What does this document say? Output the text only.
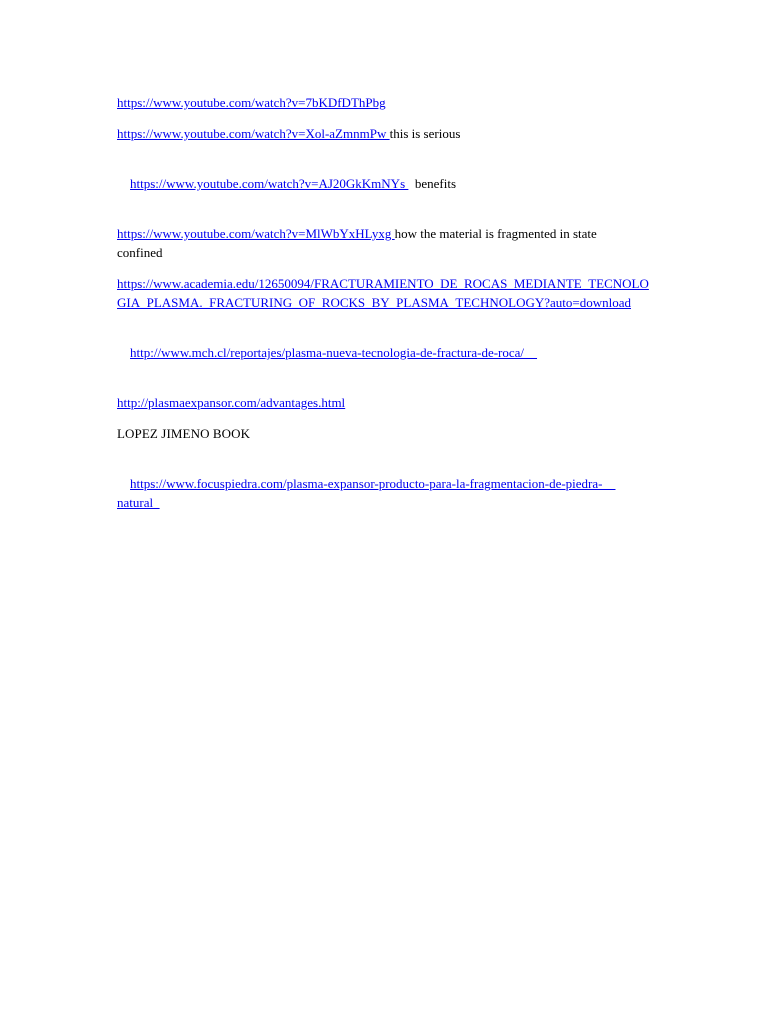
https://www.youtube.com/watch?v=7bKDfDThPbg

https://www.youtube.com/watch?v=Xol-aZmnmPw this is serious

https://www.youtube.com/watch?v=AJ20GkKmNYs   benefits

https://www.youtube.com/watch?v=MlWbYxHLyxg how the material is fragmented in state
confined

https://www.academia.edu/12650094/FRACTURAMIENTO_DE_ROCAS_MEDIANTE_TECNOLO
GIA_PLASMA._FRACTURING_OF_ROCKS_BY_PLASMA_TECHNOLOGY?auto=download

http://www.mch.cl/reportajes/plasma-nueva-tecnologia-de-fractura-de-roca/

http://plasmaexpansor.com/advantages.html

LOPEZ JIMENO BOOK

https://www.focuspiedra.com/plasma-expansor-producto-para-la-fragmentacion-de-piedra-
natural
